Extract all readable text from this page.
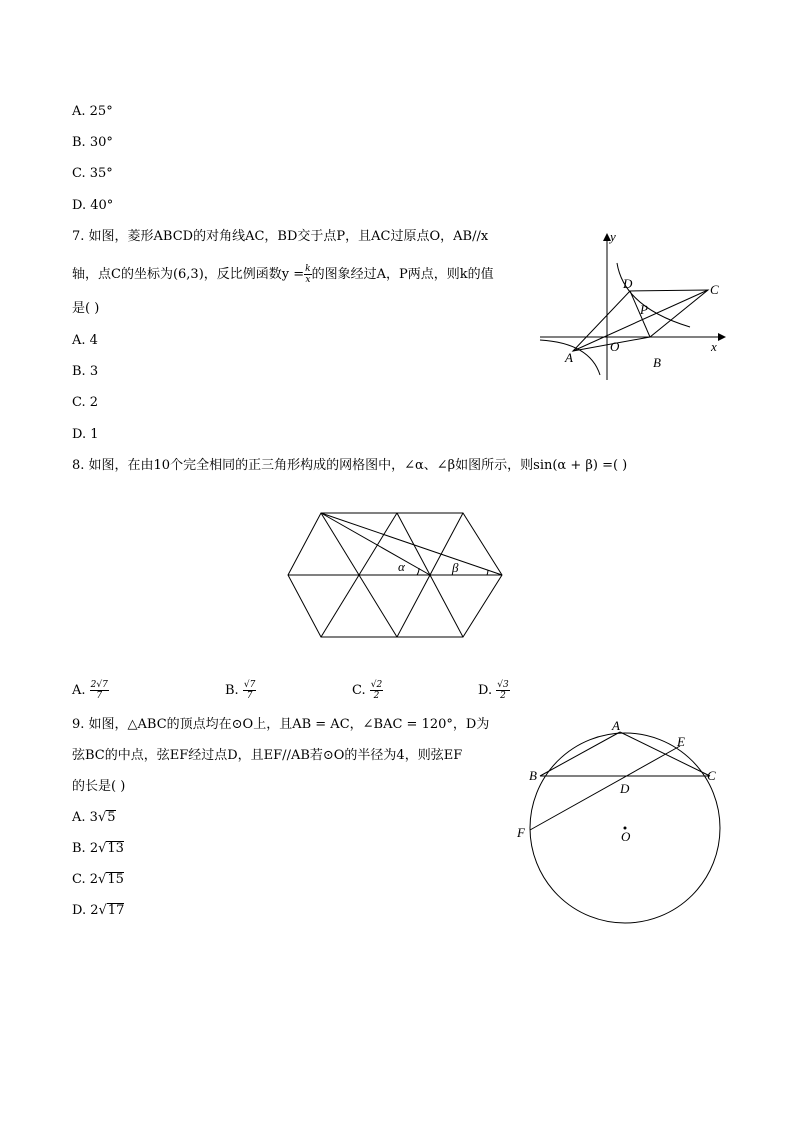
A. 25°
B. 30°
C. 35°
D. 40°
7. 如图，菱形ABCD的对角线AC，BD交于点P，且AC过原点O，AB//x
轴，点C的坐标为(6,3)，反比例函数$y = \frac{k}{x}$ 的图象经过A，P两点，则k的值
是( )
A. 4
B. 3
C. 2
D. 1
y
x
A	B
C
D
P
O
8. 如图，在由10个完全相同的正三角形构成的网格图中，∠α、∠β如图所示，则sin(α + β) =( )
α	β
A. $\frac{2√7}{7}$	B. $\frac{√7}{7}$	C. $\frac{√2}{2}$	D. $\frac{√3}{2}$
9. 如图，△ABC的顶点均在⊙O上，且AB = AC，∠BAC = 120°，D为
弦BC的中点，弦EF经过点D，且EF//AB若⊙O的半径为4，则弦EF
的长是( )
A. 3√5
B. 2√13
C. 2√15
D. 2√17
A
B	C
D
E
F	O
